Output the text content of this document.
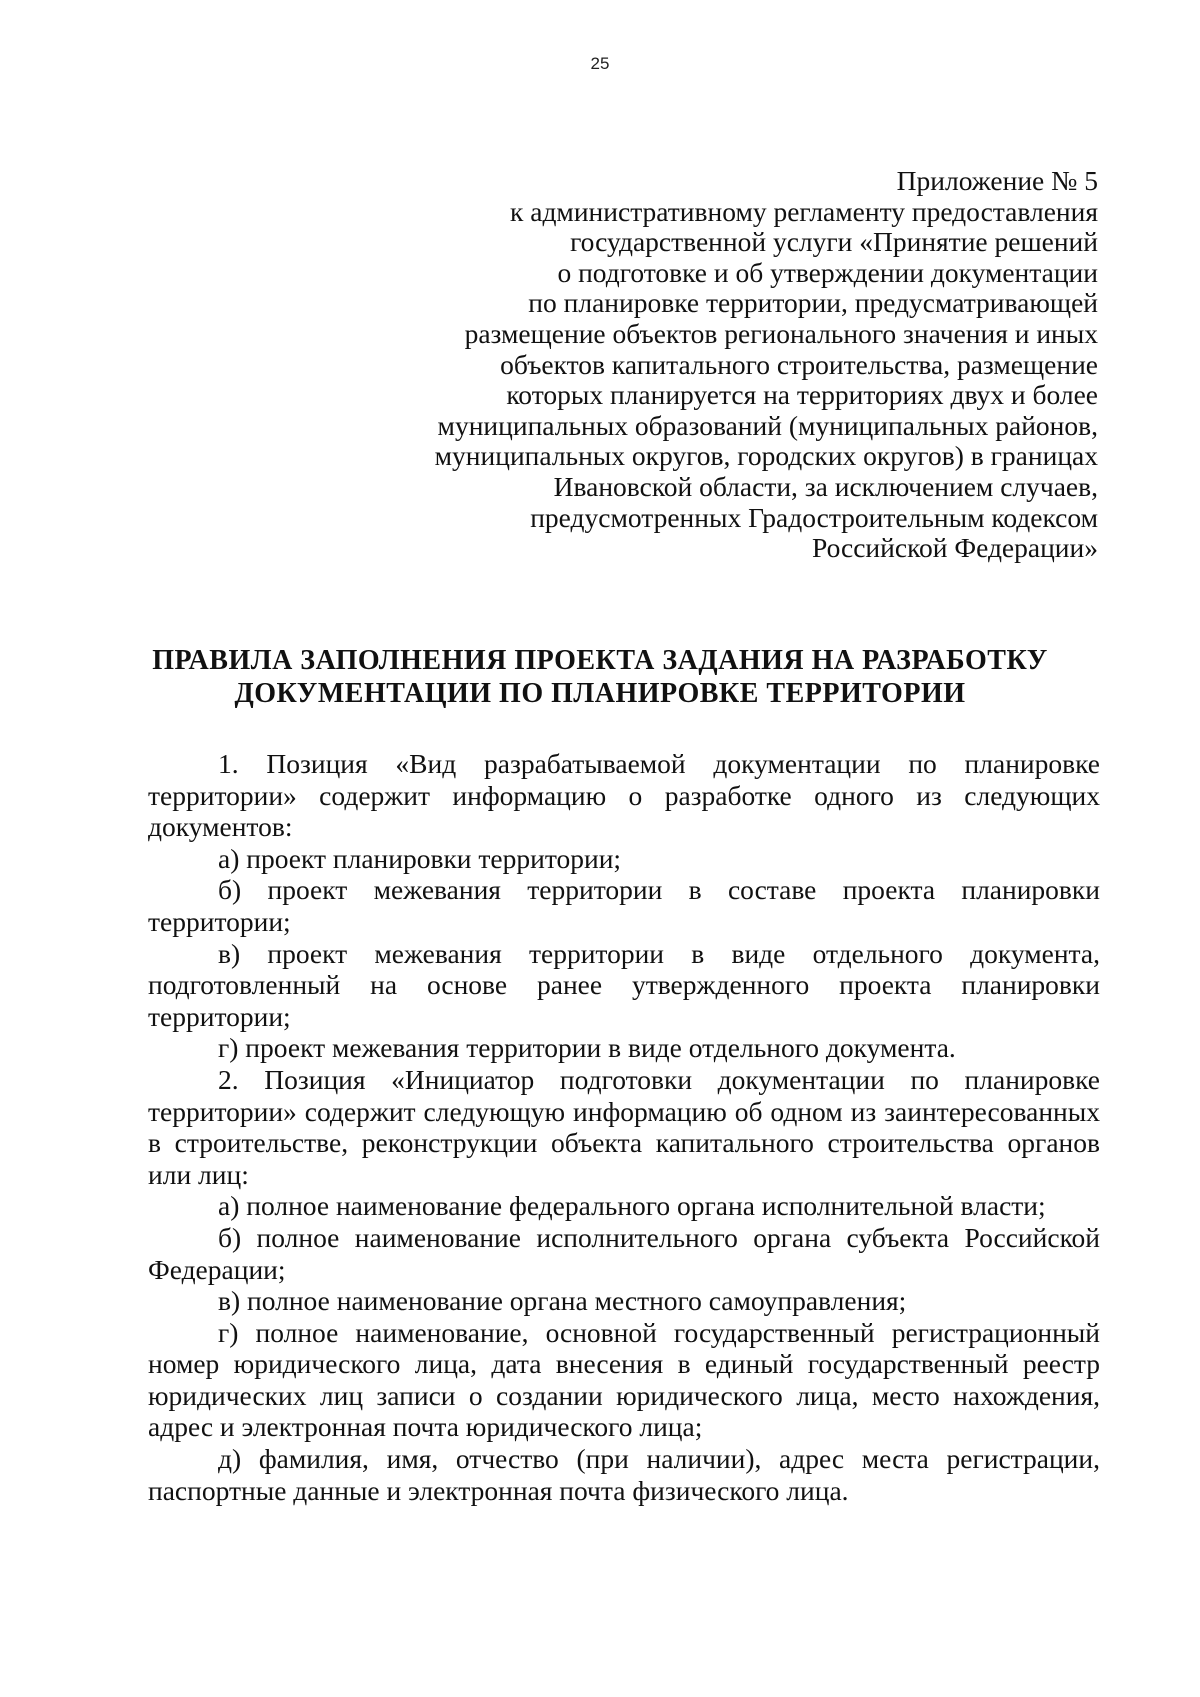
25
Приложение № 5
к административному регламенту предоставления
государственной услуги «Принятие решений
о подготовке и об утверждении документации
по планировке территории, предусматривающей
размещение объектов регионального значения и иных
объектов капитального строительства, размещение
которых планируется на территориях двух и более
муниципальных образований (муниципальных районов,
муниципальных округов, городских округов) в границах
Ивановской области, за исключением случаев,
предусмотренных Градостроительным кодексом
Российской Федерации»
ПРАВИЛА ЗАПОЛНЕНИЯ ПРОЕКТА ЗАДАНИЯ НА РАЗРАБОТКУ
ДОКУМЕНТАЦИИ ПО ПЛАНИРОВКЕ ТЕРРИТОРИИ

1. Позиция «Вид разрабатываемой документации по планировке территории» содержит информацию о разработке одного из следующих документов:

а) проект планировки территории;

б) проект межевания территории в составе проекта планировки территории;

в) проект межевания территории в виде отдельного документа, подготовленный на основе ранее утвержденного проекта планировки территории;

г) проект межевания территории в виде отдельного документа.

2. Позиция «Инициатор подготовки документации по планировке территории» содержит следующую информацию об одном из заинтересованных в строительстве, реконструкции объекта капитального строительства органов или лиц:

а) полное наименование федерального органа исполнительной власти;

б) полное наименование исполнительного органа субъекта Российской Федерации;

в) полное наименование органа местного самоуправления;

г) полное наименование, основной государственный регистрационный номер юридического лица, дата внесения в единый государственный реестр юридических лиц записи о создании юридического лица, место нахождения, адрес и электронная почта юридического лица;

д) фамилия, имя, отчество (при наличии), адрес места регистрации, паспортные данные и электронная почта физического лица.
